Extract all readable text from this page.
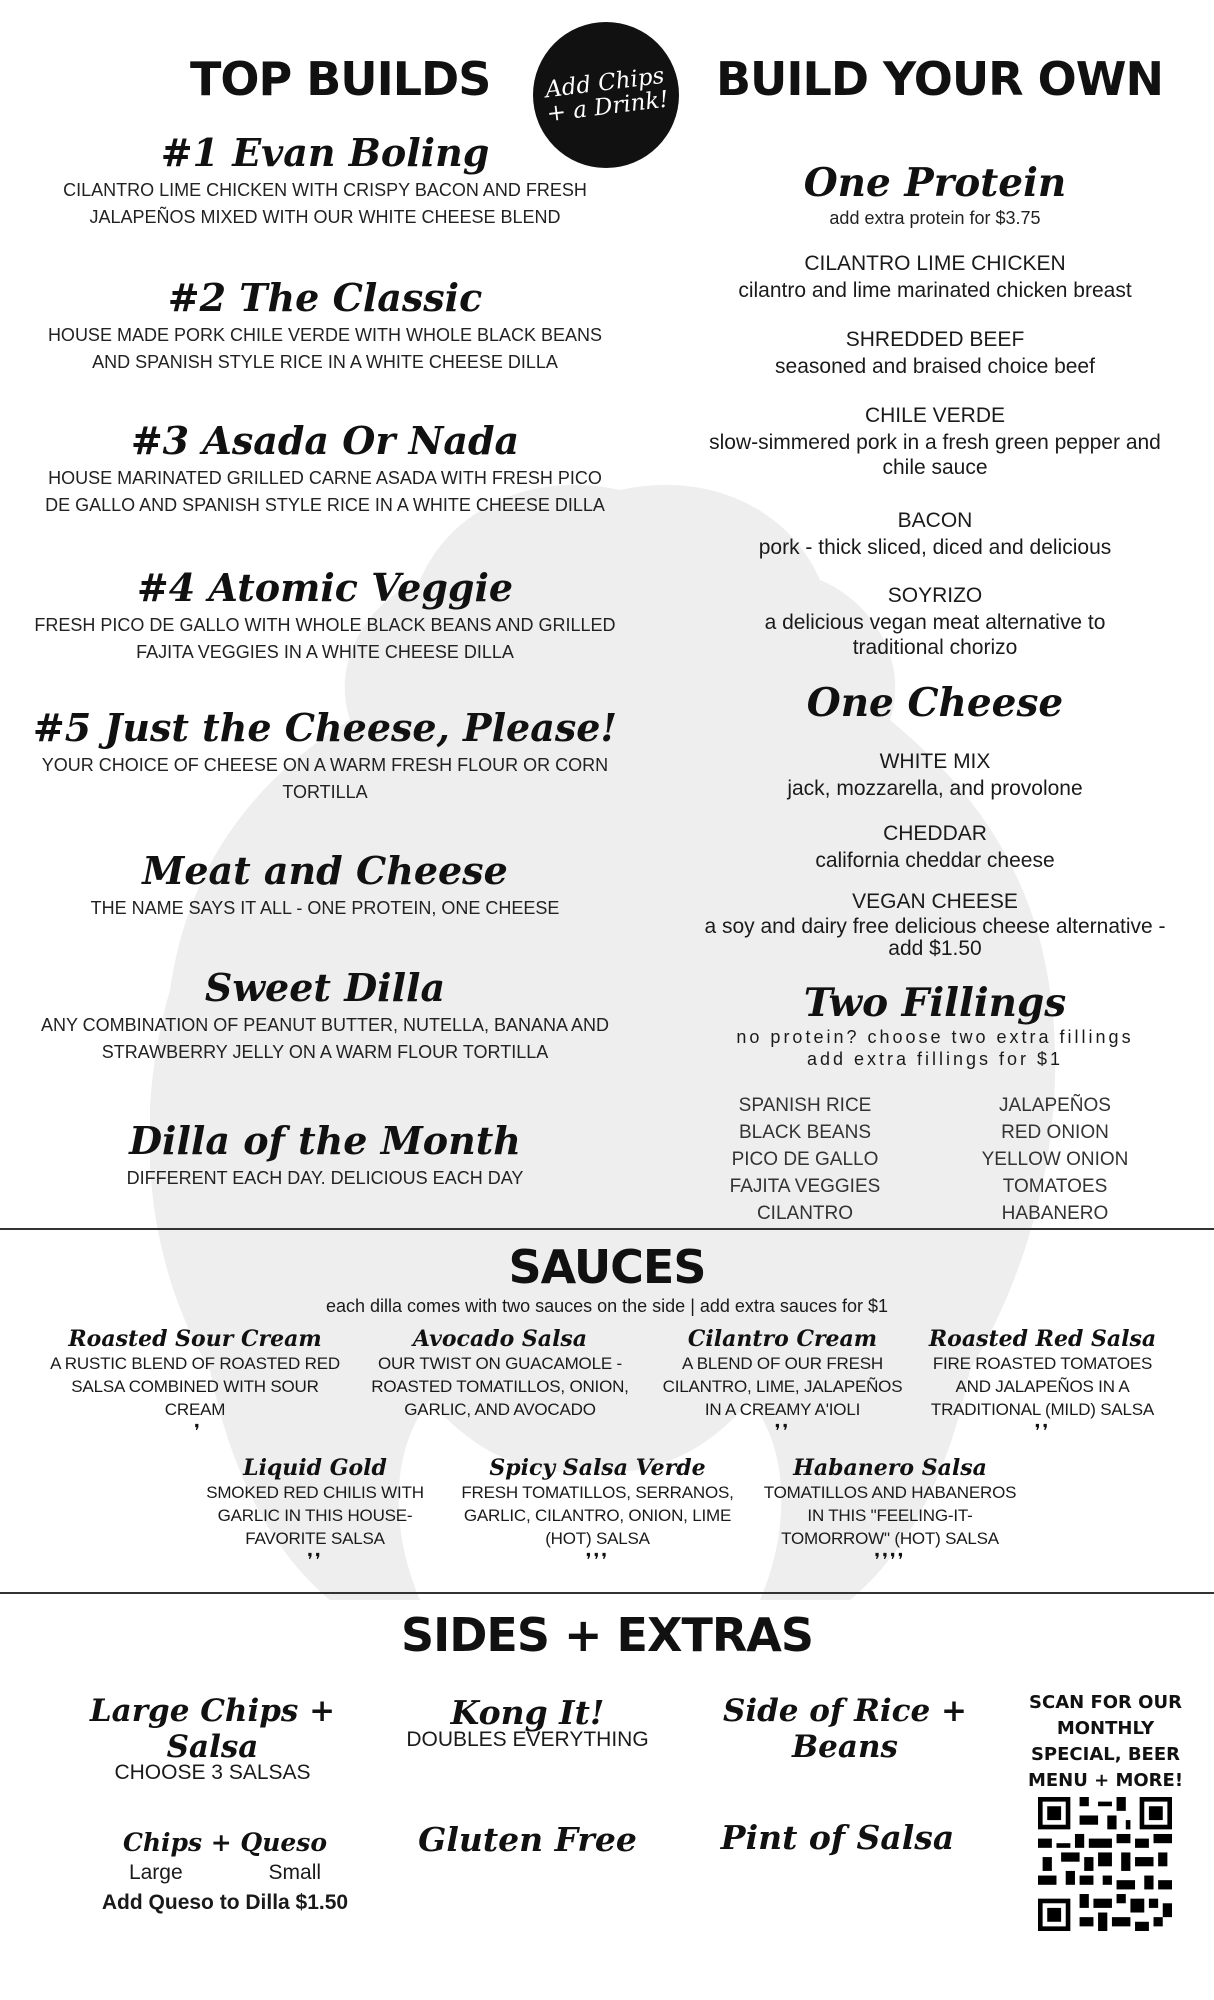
TOP BUILDS Add Chips
+ a Drink!
BUILD YOUR OWN
#1 Evan Boling
CILANTRO LIME CHICKEN WITH CRISPY BACON AND FRESH JALAPEÑOS MIXED WITH OUR WHITE CHEESE BLEND
#2 The Classic
HOUSE MADE PORK CHILE VERDE WITH WHOLE BLACK BEANS AND SPANISH STYLE RICE IN A WHITE CHEESE DILLA
#3 Asada Or Nada
HOUSE MARINATED GRILLED CARNE ASADA WITH FRESH PICO DE GALLO AND SPANISH STYLE RICE IN A WHITE CHEESE DILLA
#4 Atomic Veggie
FRESH PICO DE GALLO WITH WHOLE BLACK BEANS AND GRILLED FAJITA VEGGIES IN A WHITE CHEESE DILLA
#5 Just the Cheese, Please!
YOUR CHOICE OF CHEESE ON A WARM FRESH FLOUR OR CORN TORTILLA
Meat and Cheese
THE NAME SAYS IT ALL - ONE PROTEIN, ONE CHEESE
Sweet Dilla
ANY COMBINATION OF PEANUT BUTTER, NUTELLA, BANANA AND STRAWBERRY JELLY ON A WARM FLOUR TORTILLA
Dilla of the Month
DIFFERENT EACH DAY. DELICIOUS EACH DAY
One Protein
add extra protein for $3.75
CILANTRO LIME CHICKEN
cilantro and lime marinated chicken breast
SHREDDED BEEF
seasoned and braised choice beef
CHILE VERDE
slow-simmered pork in a fresh green pepper and chile sauce
BACON
pork - thick sliced, diced and delicious
SOYRIZO
a delicious vegan meat alternative to traditional chorizo
One Cheese
WHITE MIX
jack, mozzarella, and provolone
CHEDDAR
california cheddar cheese
VEGAN CHEESE
a soy and dairy free delicious cheese alternative - add $1.50
Two Fillings
no protein? choose two extra fillings
add extra fillings for $1
SPANISH RICE
BLACK BEANS
PICO DE GALLO
FAJITA VEGGIES
CILANTRO
JALAPEÑOS
RED ONION
YELLOW ONION
TOMATOES
HABANERO
SAUCES
each dilla comes with two sauces on the side | add extra sauces for $1
Roasted Sour Cream
A RUSTIC BLEND OF ROASTED RED SALSA COMBINED WITH SOUR CREAM
❜
Avocado Salsa
OUR TWIST ON GUACAMOLE - ROASTED TOMATILLOS, ONION, GARLIC, AND AVOCADO
Cilantro Cream
A BLEND OF OUR FRESH CILANTRO, LIME, JALAPEÑOS IN A CREAMY A'IOLI
❜❜
Roasted Red Salsa
FIRE ROASTED TOMATOES AND JALAPEÑOS IN A TRADITIONAL (MILD) SALSA
❜❜
Liquid Gold
SMOKED RED CHILIS WITH GARLIC IN THIS HOUSE-FAVORITE SALSA
❜❜
Spicy Salsa Verde
FRESH TOMATILLOS, SERRANOS, GARLIC, CILANTRO, ONION, LIME (HOT) SALSA
❜❜❜
Habanero Salsa
TOMATILLOS AND HABANEROS IN THIS "FEELING-IT-TOMORROW" (HOT) SALSA
❜❜❜❜
SIDES + EXTRAS
Large Chips + Salsa
CHOOSE 3 SALSAS
Kong It!
DOUBLES EVERYTHING
Side of Rice + Beans
SCAN FOR OUR MONTHLY SPECIAL, BEER MENU + MORE!
Chips + Queso
Large	Small
Add Queso to Dilla $1.50
Gluten Free	Pint of Salsa
